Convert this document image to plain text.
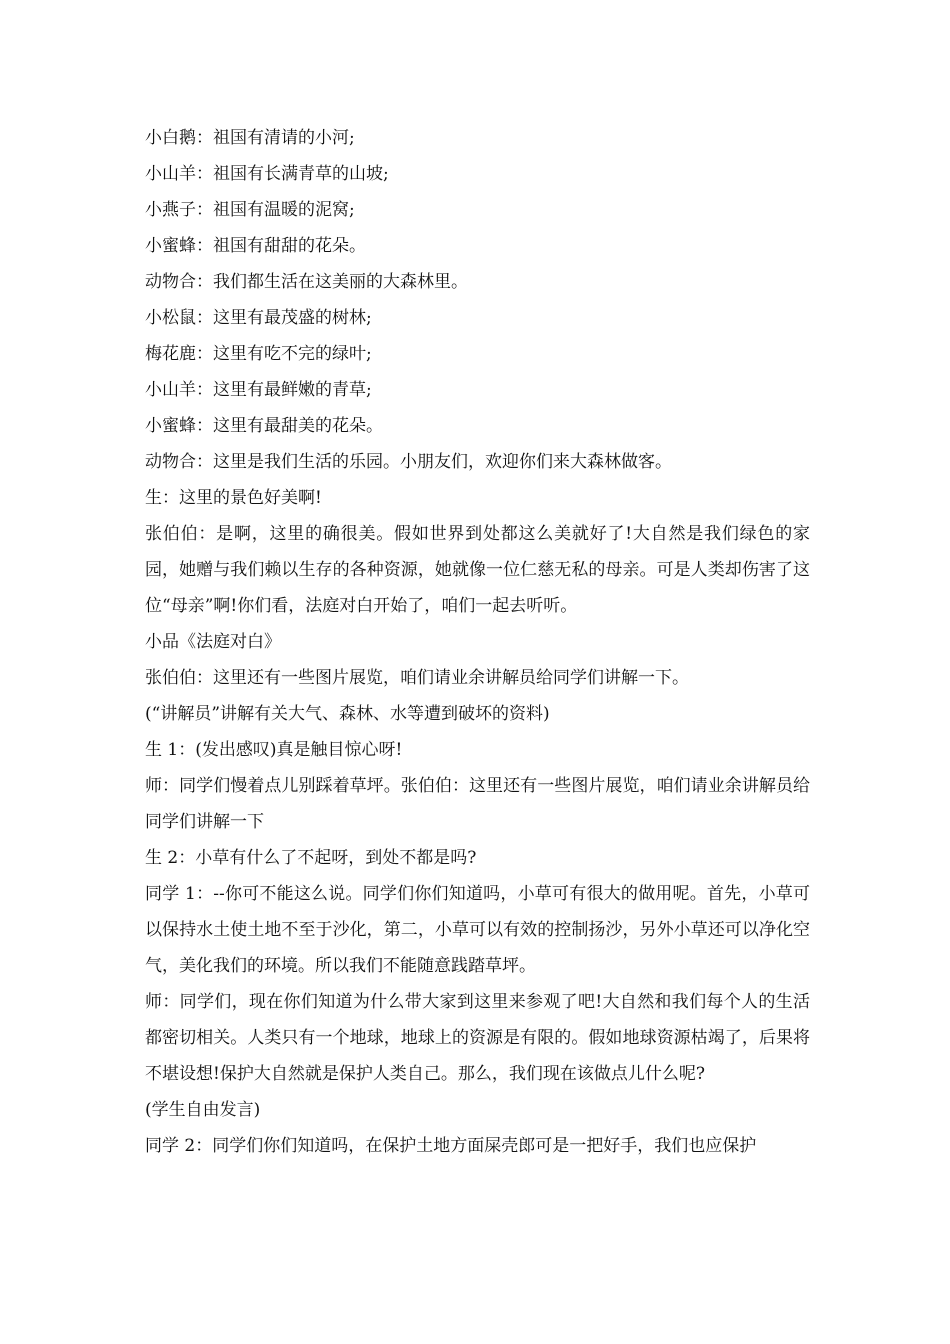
小白鹅：祖国有清请的小河;

小山羊：祖国有长满青草的山坡;

小燕子：祖国有温暖的泥窝;

小蜜蜂：祖国有甜甜的花朵。

动物合：我们都生活在这美丽的大森林里。

小松鼠：这里有最茂盛的树林;

梅花鹿：这里有吃不完的绿叶;

小山羊：这里有最鲜嫩的青草;

小蜜蜂：这里有最甜美的花朵。

动物合：这里是我们生活的乐园。小朋友们，欢迎你们来大森林做客。

生：这里的景色好美啊!

张伯伯：是啊，这里的确很美。假如世界到处都这么美就好了!大自然是我们绿色的家园，她赠与我们赖以生存的各种资源，她就像一位仁慈无私的母亲。可是人类却伤害了这位“母亲”啊!你们看，法庭对白开始了，咱们一起去听听。

小品《法庭对白》

张伯伯：这里还有一些图片展览，咱们请业余讲解员给同学们讲解一下。

(“讲解员”讲解有关大气、森林、水等遭到破坏的资料)

生 1：(发出感叹)真是触目惊心呀!

师：同学们慢着点儿别踩着草坪。张伯伯：这里还有一些图片展览，咱们请业余讲解员给同学们讲解一下

生 2：小草有什么了不起呀，到处不都是吗?

同学 1：--你可不能这么说。同学们你们知道吗，小草可有很大的做用呢。首先，小草可以保持水土使土地不至于沙化，第二，小草可以有效的控制扬沙，另外小草还可以净化空气，美化我们的环境。所以我们不能随意践踏草坪。

师：同学们，现在你们知道为什么带大家到这里来参观了吧!大自然和我们每个人的生活都密切相关。人类只有一个地球，地球上的资源是有限的。假如地球资源枯竭了，后果将不堪设想!保护大自然就是保护人类自己。那么，我们现在该做点儿什么呢?

(学生自由发言)

同学 2：同学们你们知道吗，在保护土地方面屎壳郎可是一把好手，我们也应保护
